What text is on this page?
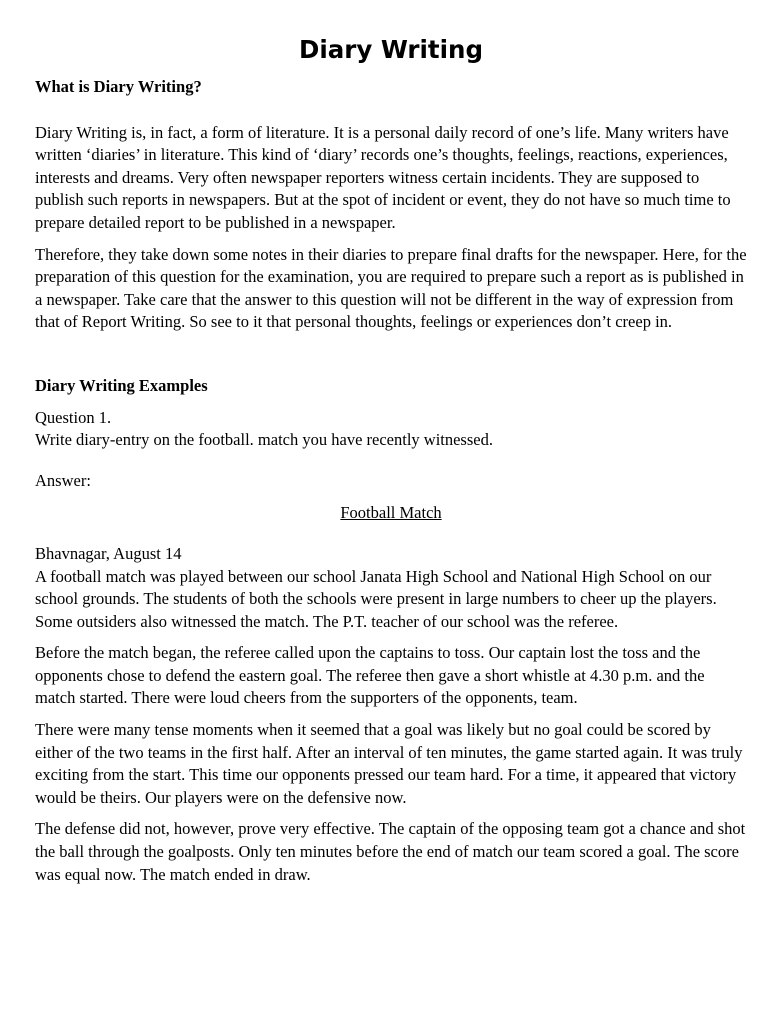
Diary Writing

What is Diary Writing?

Diary Writing is, in fact, a form of literature. It is a personal daily record of one’s life. Many writers have written ‘diaries’ in literature. This kind of ‘diary’ records one’s thoughts, feelings, reactions, experiences, interests and dreams. Very often newspaper reporters witness certain incidents. They are supposed to publish such reports in newspapers. But at the spot of incident or event, they do not have so much time to prepare detailed report to be published in a newspaper.

Therefore, they take down some notes in their diaries to prepare final drafts for the newspaper. Here, for the preparation of this question for the examination, you are required to prepare such a report as is published in a newspaper. Take care that the answer to this question will not be different in the way of expression from that of Report Writing. So see to it that personal thoughts, feelings or experiences don’t creep in.

Diary Writing Examples

Question 1.

Write diary-entry on the football. match you have recently witnessed.

Answer:

Football Match

Bhavnagar, August 14

A football match was played between our school Janata High School and National High School on our school grounds. The students of both the schools were present in large numbers to cheer up the players. Some outsiders also witnessed the match. The P.T. teacher of our school was the referee.

Before the match began, the referee called upon the captains to toss. Our captain lost the toss and the opponents chose to defend the eastern goal. The referee then gave a short whistle at 4.30 p.m. and the match started. There were loud cheers from the supporters of the opponents, team.

There were many tense moments when it seemed that a goal was likely but no goal could be scored by either of the two teams in the first half. After an interval of ten minutes, the game started again. It was truly exciting from the start. This time our opponents pressed our team hard. For a time, it appeared that victory would be theirs. Our players were on the defensive now.

The defense did not, however, prove very effective. The captain of the opposing team got a chance and shot the ball through the goalposts. Only ten minutes before the end of match our team scored a goal. The score was equal now. The match ended in draw.
